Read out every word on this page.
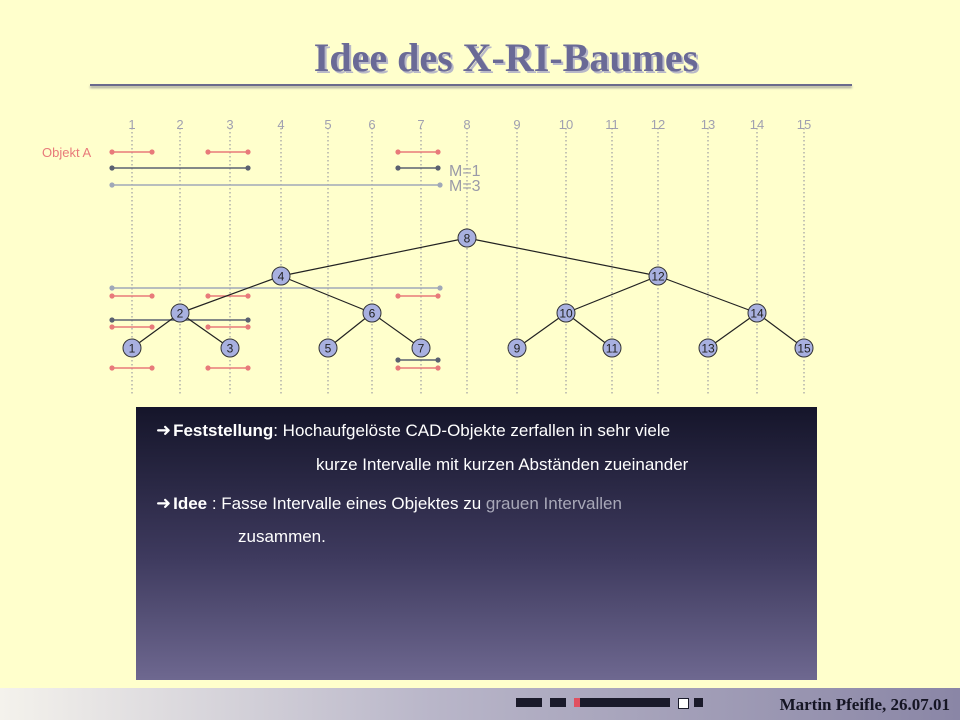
Idee des X-RI-Baumes
1	2	3	4	5	6	7	8	9	10 11 12	13	14	15
8
4	12
2	6	10	14
1	3	5	7	9	11	13	15
Objekt A
M=1
M=3
➜ Feststellung: Hochaufgelöste CAD-Objekte zerfallen in sehr viele
kurze Intervalle mit kurzen Abständen zueinander
➜ Idee : Fasse Intervalle eines Objektes zu grauen Intervallen
zusammen.
Martin Pfeifle, 26.07.01
